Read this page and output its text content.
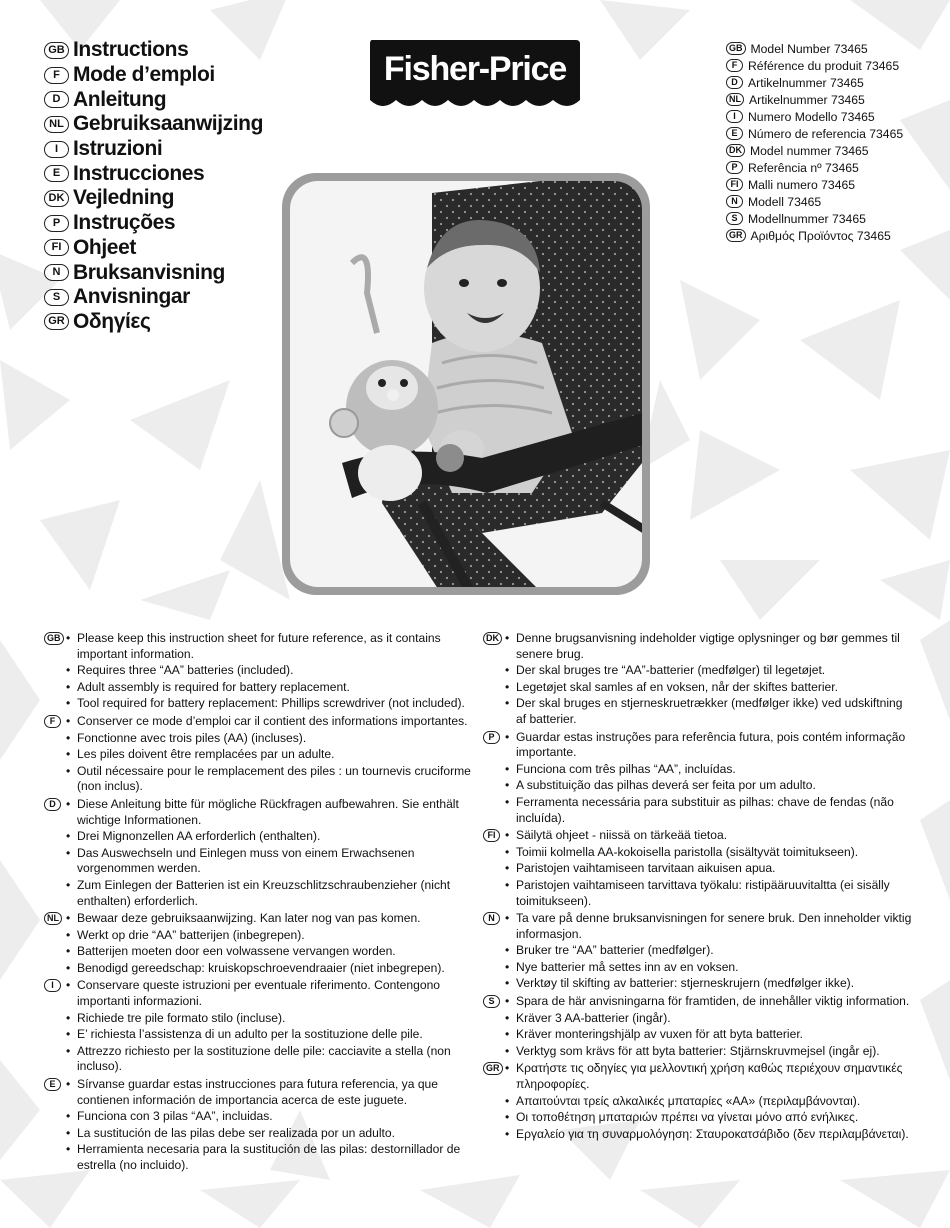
GB Instructions
F Mode d’emploi
D Anleitung
NL Gebruiksaanwijzing
I Istruzioni
E Instrucciones
DK Vejledning
P Instruções
FI Ohjeet
N Bruksanvisning
S Anvisningar
GR Οδηγίες
Fisher-Price
GB Model Number 73465
F Référence du produit 73465
D Artikelnummer 73465
NL Artikelnummer 73465
I	Numero Modello 73465
E Número de referencia 73465
DK Model nummer 73465
P Referência nº 73465
FI Malli numero 73465
N Modell 73465
S Modellnummer 73465
GR Αριθμός Προϊόντος 73465
GB	• Please keep this instruction sheet for future reference, as it contains important information.
• Requires three “AA” batteries (included).
• Adult assembly is required for battery replacement.
• Tool required for battery replacement: Phillips screwdriver (not included).
F	• Conserver ce mode d’emploi car il contient des informations importantes.
• Fonctionne avec trois piles (AA) (incluses).
• Les piles doivent être remplacées par un adulte.
• Outil nécessaire pour le remplacement des piles : un tournevis cruciforme (non inclus).
D	• Diese Anleitung bitte für mögliche Rückfragen aufbewahren. Sie enthält wichtige Informationen.
• Drei Mignonzellen AA erforderlich (enthalten).
• Das Auswechseln und Einlegen muss von einem Erwachsenen vorgenommen werden.
• Zum Einlegen der Batterien ist ein Kreuzschlitzschraubenzieher (nicht enthalten) erforderlich.
NL	• Bewaar deze gebruiksaanwijzing. Kan later nog van pas komen.
• Werkt op drie “AA” batterijen (inbegrepen).
• Batterijen moeten door een volwassene vervangen worden.
• Benodigd gereedschap: kruiskopschroevendraaier (niet inbegrepen).
I	• Conservare queste istruzioni per eventuale riferimento. Contengono importanti informazioni.
• Richiede tre pile formato stilo (incluse).
• E’ richiesta l’assistenza di un adulto per la sostituzione delle pile.
• Attrezzo richiesto per la sostituzione delle pile: cacciavite a stella (non incluso).
E	• Sírvanse guardar estas instrucciones para futura referencia, ya que contienen información de importancia acerca de este juguete.
• Funciona con 3 pilas “AA”, incluidas.
• La sustitución de las pilas debe ser realizada por un adulto.
• Herramienta necesaria para la sustitución de las pilas: destornillador de estrella (no incluido).
DK	• Denne brugsanvisning indeholder vigtige oplysninger og bør gemmes til senere brug.
• Der skal bruges tre “AA”-batterier (medfølger) til legetøjet.
• Legetøjet skal samles af en voksen, når der skiftes batterier.
• Der skal bruges en stjerneskruetrækker (medfølger ikke) ved udskiftning af batterier.
P	• Guardar estas instruções para referência futura, pois contém informação importante.
• Funciona com três pilhas “AA”, incluídas.
• A substituição das pilhas deverá ser feita por um adulto.
• Ferramenta necessária para substituir as pilhas: chave de fendas (não incluída).
FI	• Säilytä ohjeet - niissä on tärkeää tietoa.
• Toimii kolmella AA-kokoisella paristolla (sisältyvät toimitukseen).
• Paristojen vaihtamiseen tarvitaan aikuisen apua.
• Paristojen vaihtamiseen tarvittava työkalu: ristipääruuvitaltta (ei sisälly toimitukseen).
N	• Ta vare på denne bruksanvisningen for senere bruk. Den inneholder viktig informasjon.
• Bruker tre “AA” batterier (medfølger).
• Nye batterier må settes inn av en voksen.
• Verktøy til skifting av batterier: stjerneskrujern (medfølger ikke).
S	• Spara de här anvisningarna för framtiden, de innehåller viktig information.
• Kräver 3 AA-batterier (ingår).
• Kräver monteringshjälp av vuxen för att byta batterier.
• Verktyg som krävs för att byta batterier: Stjärnskruvmejsel (ingår ej).
GR	• Κρατήστε τις οδηγίες για μελλοντική χρήση καθώς περιέχουν σημαντικές πληροφορίες.
• Απαιτούνται τρείς αλκαλικές μπαταρίες «AA» (περιλαμβάνονται).
• Οι τοποθέτηση μπαταριών πρέπει να γίνεται μόνο από ενήλικες.
• Εργαλείο για τη συναρμολόγηση: Σταυροκατσάβιδο (δεν περιλαμβάνεται).
